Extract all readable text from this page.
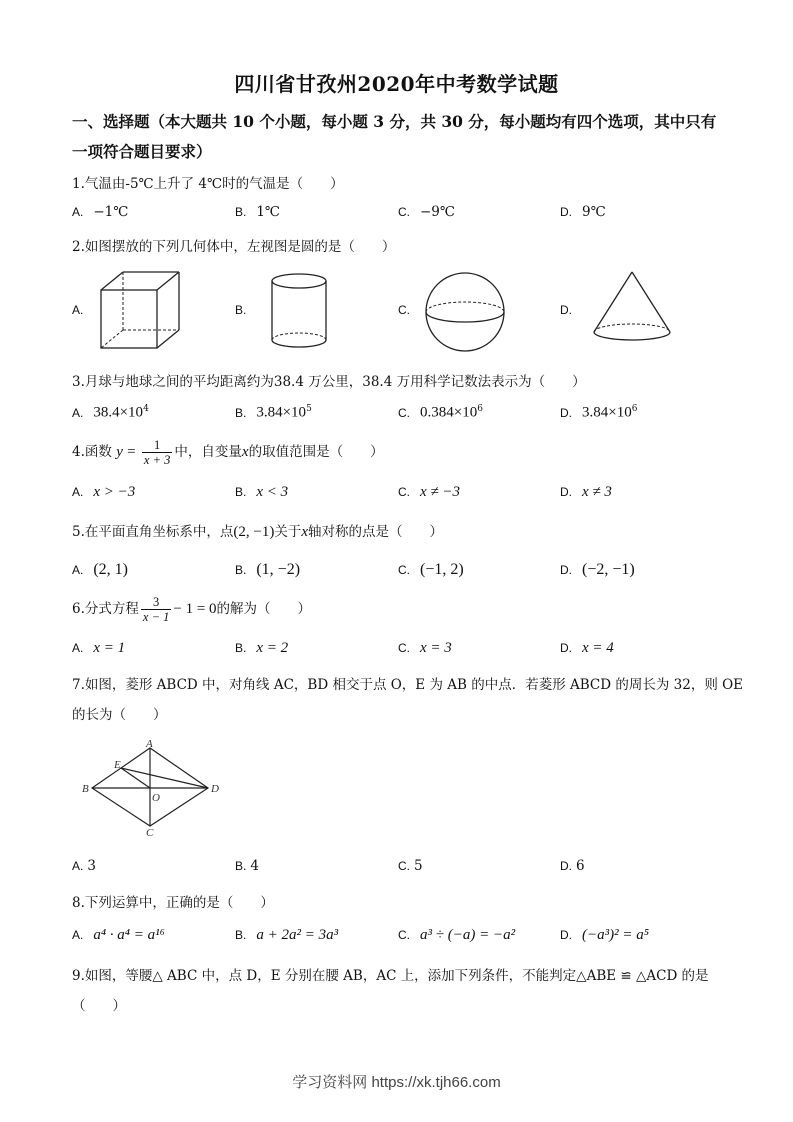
四川省甘孜州2020年中考数学试题
一、选择题（本大题共 10 个小题，每小题 3 分，共 30 分，每小题均有四个选项，其中只有
一项符合题目要求）
1.气温由-5℃上升了 4℃时的气温是（　　）
A. −1℃	B. 1℃	C. −9℃	D. 9℃
2.如图摆放的下列几何体中，左视图是圆的是（　　）
A.	B.	C.	D.
3.月球与地球之间的平均距离约为38.4 万公里，38.4 万用科学记数法表示为（　　）
A. $38.4\times 10^4$	B. $3.84\times 10^5$	C. $0.384\times 10^6$	D. $3.84\times 10^6$
4.函数 $y = \frac{1}{x + 3}$ 中，自变量x的取值范围是（　　）
A. x > −3	B. x < 3	C. x ≠ −3	D. x ≠ 3
5.在平面直角坐标系中，点(2, −1)关于x轴对称的点是（　　）
A. (2, 1)	B. (1, −2)	C. (−1, 2)	D. (−2, −1)
6.分式方程 $\frac{3}{x - 1} - 1 = 0$的解为（　　）
A. x = 1	B. x = 2	C. x = 3	D. x = 4
7.如图，菱形 ABCD 中，对角线 AC，BD 相交于点 O，E 为 AB 的中点．若菱形 ABCD 的周长为 32，则 OE
的长为（　　）
A
B
C
D
E
O
A. 3	B. 4	C. 5	D. 6
8.下列运算中，正确的是（　　）
A. a⁴ · a⁴ = a¹⁶	B. a + 2a² = 3a³	C. a³ ÷ (−a) = −a²	D. (−a³)² = a⁵
9.如图，等腰△ ABC 中，点 D，E 分别在腰 AB，AC 上，添加下列条件，不能判定△ABE ≌ △ACD 的是
（　　）
学习资料网 https://xk.tjh66.com
